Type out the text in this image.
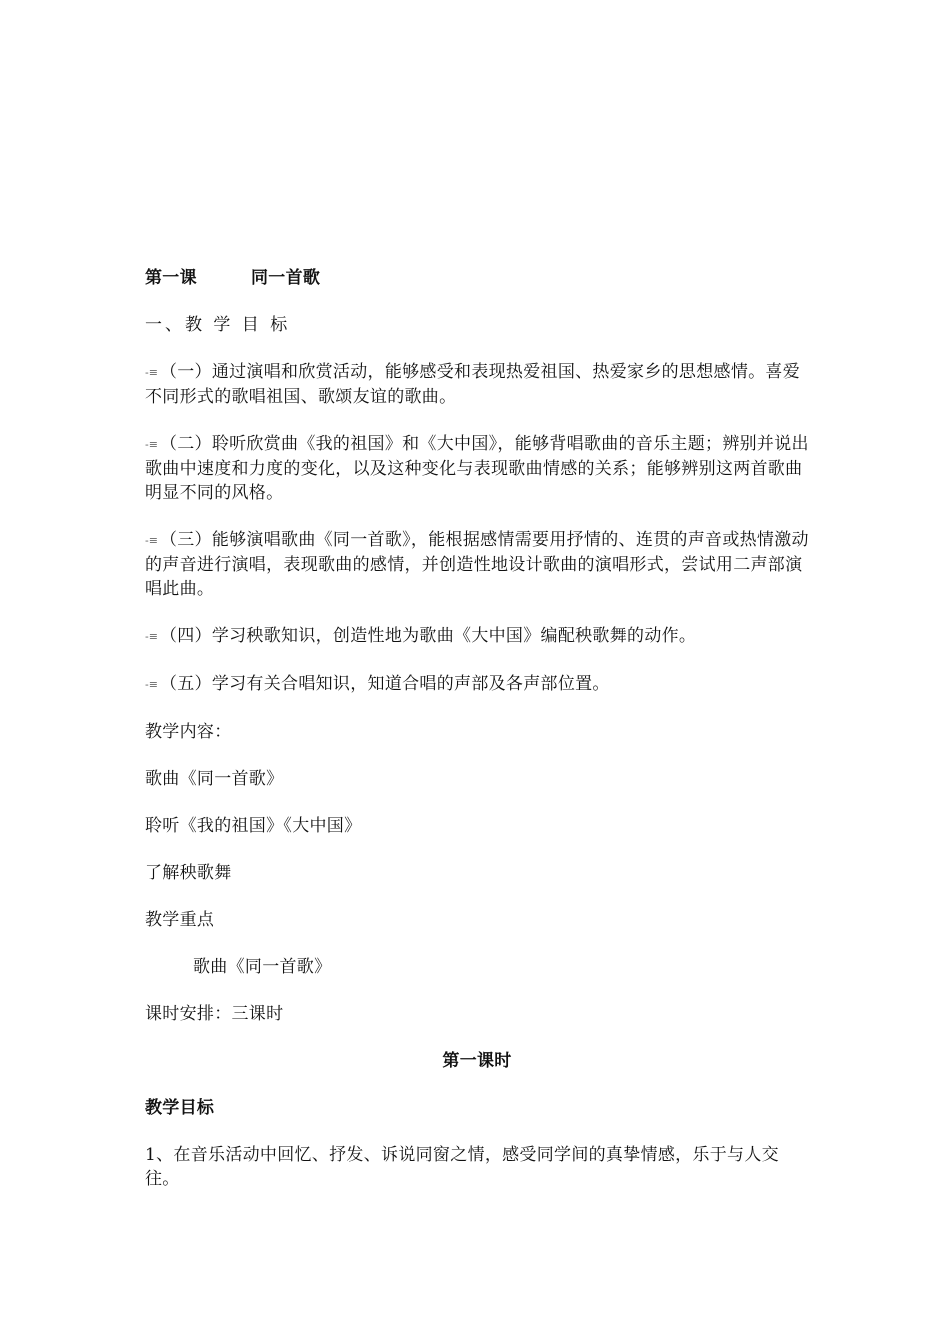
第一课	同一首歌
一、教 学 目 标
-≡ （一）通过演唱和欣赏活动，能够感受和表现热爱祖国、热爱家乡的思想感情。喜爱不同形式的歌唱祖国、歌颂友谊的歌曲。
-≡ （二）聆听欣赏曲《我的祖国》和《大中国》，能够背唱歌曲的音乐主题；辨别并说出歌曲中速度和力度的变化，以及这种变化与表现歌曲情感的关系；能够辨别这两首歌曲明显不同的风格。
-≡ （三）能够演唱歌曲《同一首歌》，能根据感情需要用抒情的、连贯的声音或热情激动的声音进行演唱，表现歌曲的感情，并创造性地设计歌曲的演唱形式，尝试用二声部演唱此曲。
-≡ （四）学习秧歌知识，创造性地为歌曲《大中国》编配秧歌舞的动作。
-≡ （五）学习有关合唱知识，知道合唱的声部及各声部位置。
教学内容：
歌曲《同一首歌》
聆听《我的祖国》《大中国》
了解秧歌舞
教学重点
歌曲《同一首歌》
课时安排：三课时
第一课时
教学目标
1、在音乐活动中回忆、抒发、诉说同窗之情，感受同学间的真挚情感，乐于与人交往。
